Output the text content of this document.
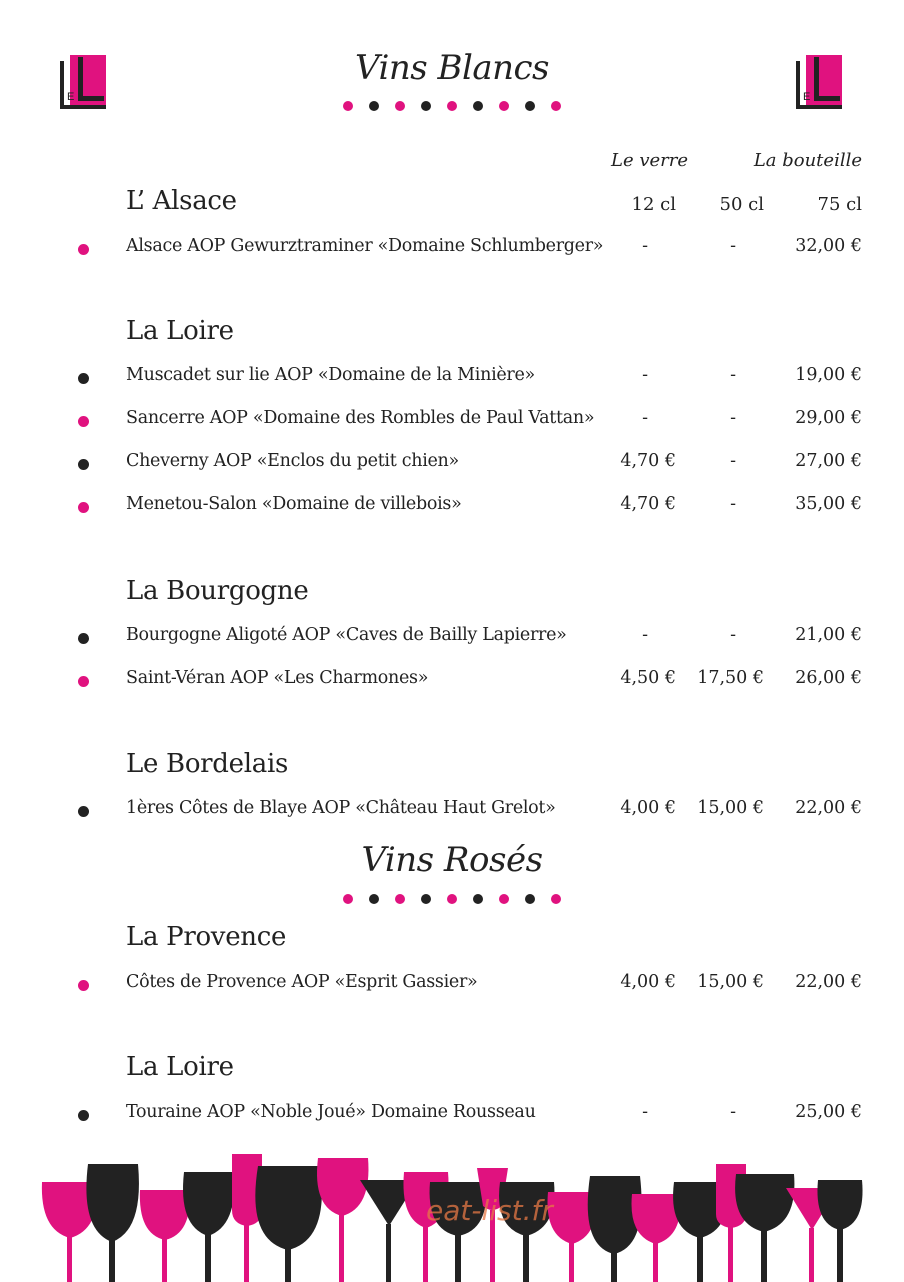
E	E
Vins Blancs
Le verre	La bouteille
12 cl 50 cl	75 cl
L’ Alsace
Alsace AOP Gewurztraminer «Domaine Schlumberger» -	-	32,00 €
La Loire
Muscadet sur lie AOP «Domaine de la Minière»	-	-	19,00 €
Sancerre AOP «Domaine des Rombles de Paul Vattan»	-	-	29,00 €
Cheverny AOP «Enclos du petit chien»	4,70 €	-	27,00 €
Menetou-Salon «Domaine de villebois»	4,70 €	-	35,00 €
La Bourgogne
Bourgogne Aligoté AOP «Caves de Bailly Lapierre»	-	-	21,00 €
Saint-Véran AOP «Les Charmones»	4,50 € 17,50 € 26,00 €
Le Bordelais
1ères Côtes de Blaye AOP «Château Haut Grelot»	4,00 € 15,00 € 22,00 €
Vins Rosés
La Provence
Côtes de Provence AOP «Esprit Gassier»	4,00 € 15,00 € 22,00 €
La Loire
Touraine AOP «Noble Joué» Domaine Rousseau	-	-	25,00 €
eat-list.fr
